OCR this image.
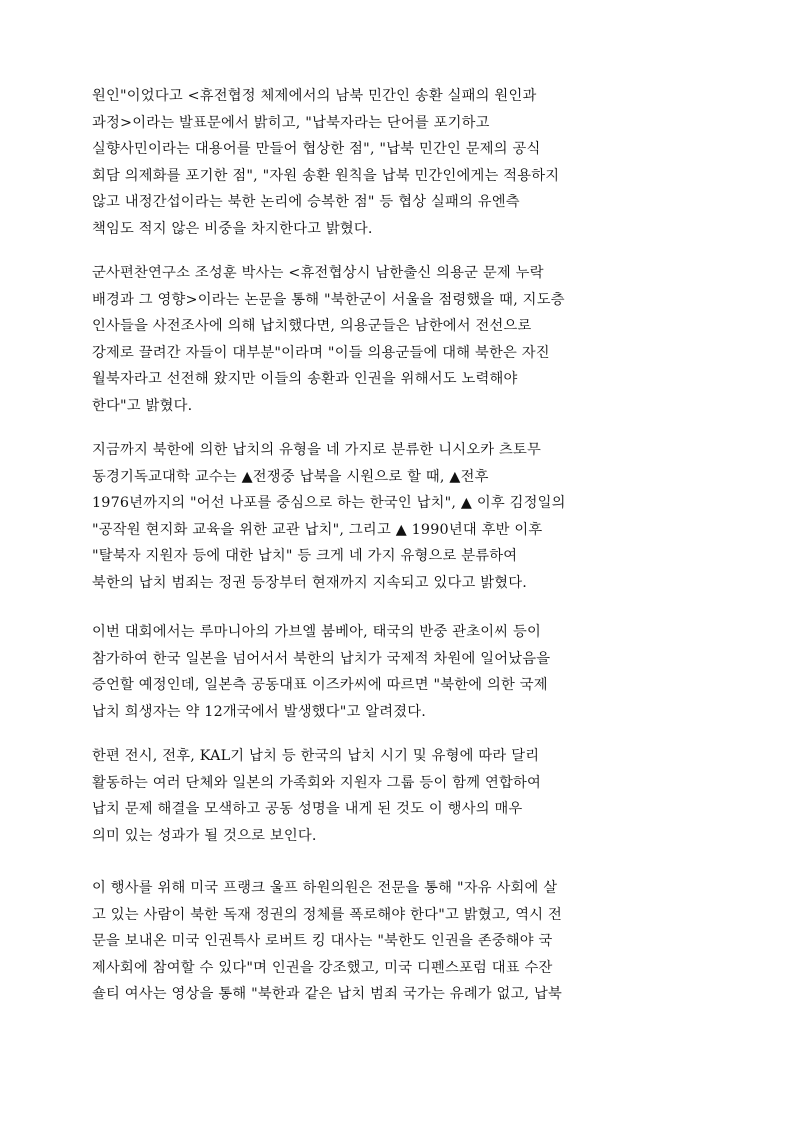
원인"이었다고 <휴전협정 체제에서의 남북 민간인 송환 실패의 원인과
과정>이라는 발표문에서 밝히고, "납북자라는 단어를 포기하고
실향사민이라는 대용어를 만들어 협상한 점", "납북 민간인 문제의 공식
회담 의제화를 포기한 점", "자원 송환 원칙을 납북 민간인에게는 적용하지
않고 내정간섭이라는 북한 논리에 승복한 점" 등 협상 실패의 유엔측
책임도 적지 않은 비중을 차지한다고 밝혔다.

군사편찬연구소 조성훈 박사는 <휴전협상시 남한출신 의용군 문제 누락
배경과 그 영향>이라는 논문을 통해 "북한군이 서울을 점령했을 때, 지도층
인사들을 사전조사에 의해 납치했다면, 의용군들은 남한에서 전선으로
강제로 끌려간 자들이 대부분"이라며 "이들 의용군들에 대해 북한은 자진
월북자라고 선전해 왔지만 이들의 송환과 인권을 위해서도 노력해야
한다"고 밝혔다.

지금까지 북한에 의한 납치의 유형을 네 가지로 분류한 니시오카 츠토무
동경기독교대학 교수는 ▲전쟁중 납북을 시원으로 할 때, ▲전후
1976년까지의 "어선 나포를 중심으로 하는 한국인 납치", ▲ 이후 김정일의
"공작원 현지화 교육을 위한 교관 납치", 그리고 ▲ 1990년대 후반 이후
"탈북자 지원자 등에 대한 납치" 등 크게 네 가지 유형으로 분류하여
북한의 납치 범죄는 정권 등장부터 현재까지 지속되고 있다고 밝혔다.

이번 대회에서는 루마니아의 가브엘 붐베아, 태국의 반중 관초이씨 등이
참가하여 한국 일본을 넘어서서 북한의 납치가 국제적 차원에 일어났음을
증언할 예정인데, 일본측 공동대표 이즈카씨에 따르면 "북한에 의한 국제
납치 희생자는 약 12개국에서 발생했다"고 알려졌다.

한편 전시, 전후, KAL기 납치 등 한국의 납치 시기 및 유형에 따라 달리
활동하는 여러 단체와 일본의 가족회와 지원자 그룹 등이 함께 연합하여
납치 문제 해결을 모색하고 공동 성명을 내게 된 것도 이 행사의 매우
의미 있는 성과가 될 것으로 보인다.

이 행사를 위해 미국 프랭크 울프 하원의원은 전문을 통해 "자유 사회에 살
고 있는 사람이 북한 독재 정권의 정체를 폭로해야 한다"고 밝혔고, 역시 전
문을 보내온 미국 인권특사 로버트 킹 대사는 "북한도 인권을 존중해야 국
제사회에 참여할 수 있다"며 인권을 강조했고, 미국 디펜스포럼 대표 수잔
숄티 여사는 영상을 통해 "북한과 같은 납치 범죄 국가는 유례가 없고, 납북
